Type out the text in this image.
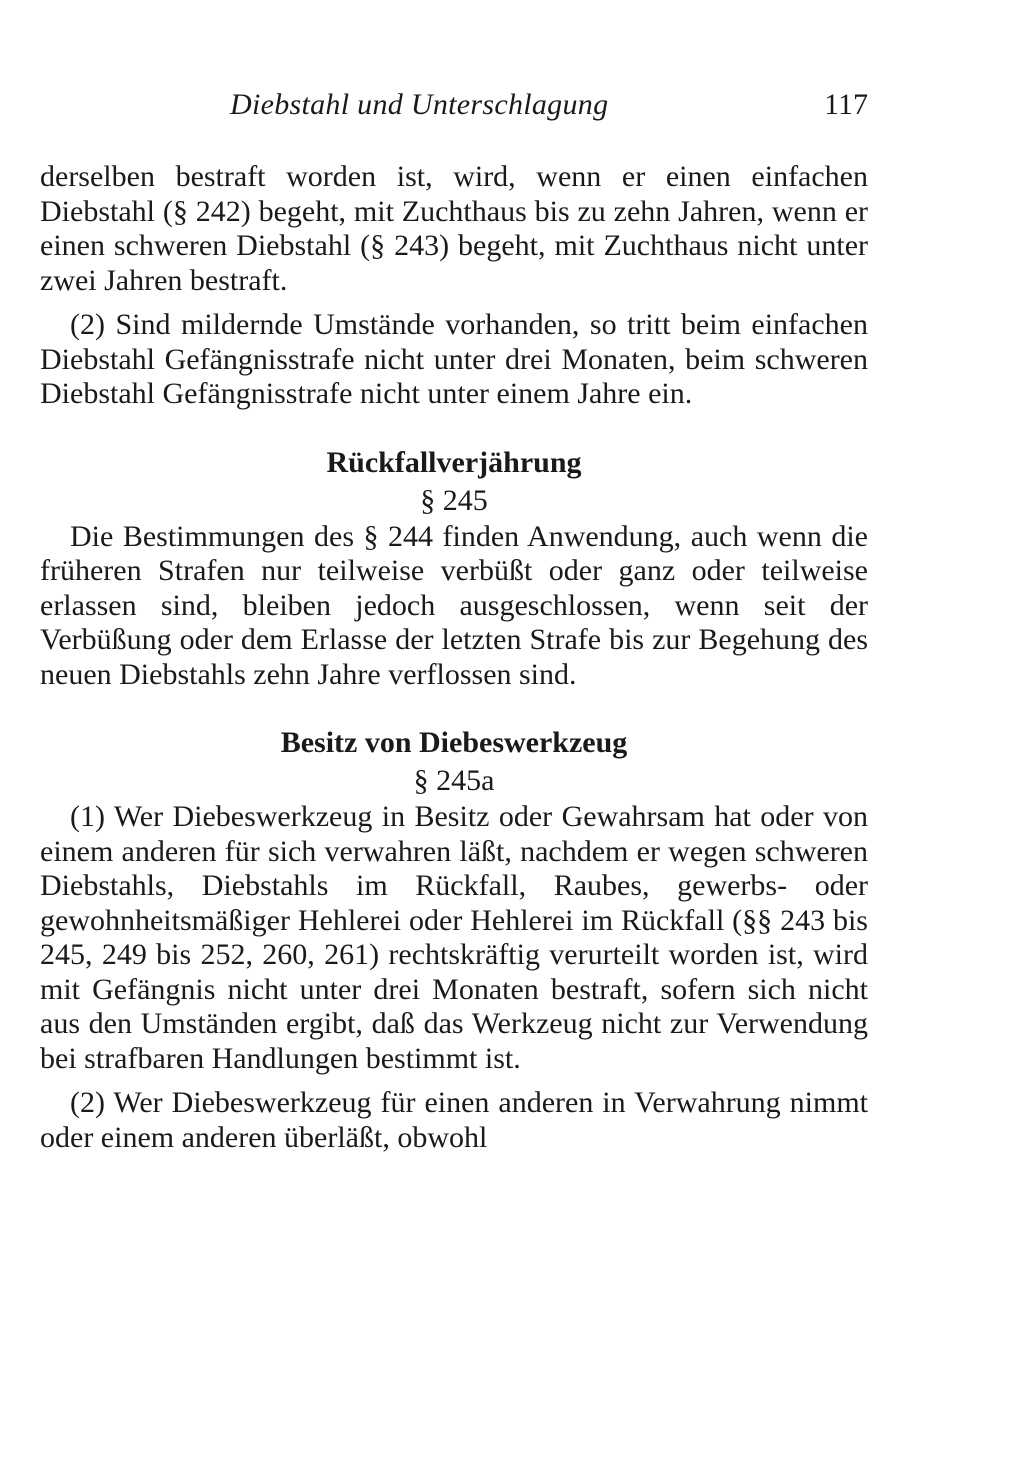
Diebstahl und Unterschlagung	117

derselben bestraft worden ist, wird, wenn er einen einfachen Diebstahl (§ 242) begeht, mit Zuchthaus bis zu zehn Jahren, wenn er einen schweren Diebstahl (§ 243) begeht, mit Zuchthaus nicht unter zwei Jahren bestraft.

(2) Sind mildernde Umstände vorhanden, so tritt beim einfachen Diebstahl Gefängnisstrafe nicht unter drei Monaten, beim schweren Diebstahl Gefängnisstrafe nicht unter einem Jahre ein.

Rückfallverjährung
§ 245

Die Bestimmungen des § 244 finden Anwendung, auch wenn die früheren Strafen nur teilweise verbüßt oder ganz oder teilweise erlassen sind, bleiben jedoch ausgeschlossen, wenn seit der Verbüßung oder dem Erlasse der letzten Strafe bis zur Begehung des neuen Diebstahls zehn Jahre verflossen sind.

Besitz von Diebeswerkzeug
§ 245a

(1) Wer Diebeswerkzeug in Besitz oder Gewahrsam hat oder von einem anderen für sich verwahren läßt, nachdem er wegen schweren Diebstahls, Diebstahls im Rückfall, Raubes, gewerbs- oder gewohnheitsmäßiger Hehlerei oder Hehlerei im Rückfall (§§ 243 bis 245, 249 bis 252, 260, 261) rechtskräftig verurteilt worden ist, wird mit Gefängnis nicht unter drei Monaten bestraft, sofern sich nicht aus den Umständen ergibt, daß das Werkzeug nicht zur Verwendung bei strafbaren Handlungen bestimmt ist.

(2) Wer Diebeswerkzeug für einen anderen in Verwahrung nimmt oder einem anderen überläßt, obwohl
